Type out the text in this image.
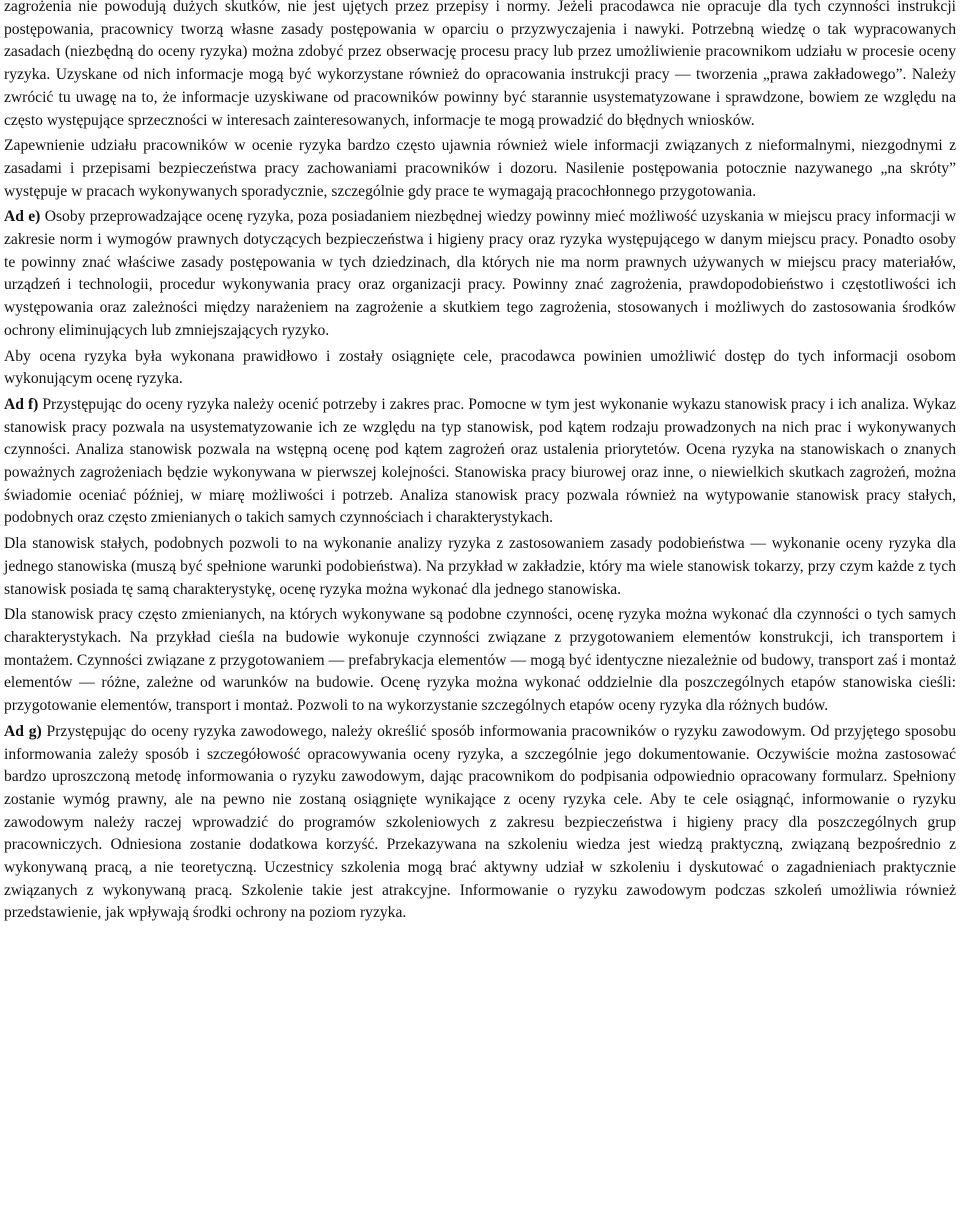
zagrożenia nie powodują dużych skutków, nie jest ujętych przez przepisy i normy. Jeżeli pracodawca nie opracuje dla tych czynności instrukcji postępowania, pracownicy tworzą własne zasady postępowania w oparciu o przyzwyczajenia i nawyki. Potrzebną wiedzę o tak wypracowanych zasadach (niezbędną do oceny ryzyka) można zdobyć przez obserwację procesu pracy lub przez umożliwienie pracownikom udziału w procesie oceny ryzyka. Uzyskane od nich informacje mogą być wykorzystane również do opracowania instrukcji pracy — tworzenia „prawa zakładowego”. Należy zwrócić tu uwagę na to, że informacje uzyskiwane od pracowników powinny być starannie usystematyzowane i sprawdzone, bowiem ze względu na często występujące sprzeczności w interesach zainteresowanych, informacje te mogą prowadzić do błędnych wniosków.

Zapewnienie udziału pracowników w ocenie ryzyka bardzo często ujawnia również wiele informacji związanych z nieformalnymi, niezgodnymi z zasadami i przepisami bezpieczeństwa pracy zachowaniami pracowników i dozoru. Nasilenie postępowania potocznie nazywanego „na skróty” występuje w pracach wykonywanych sporadycznie, szczególnie gdy prace te wymagają pracochłonnego przygotowania.

Ad e) Osoby przeprowadzające ocenę ryzyka, poza posiadaniem niezbędnej wiedzy powinny mieć możliwość uzyskania w miejscu pracy informacji w zakresie norm i wymogów prawnych dotyczących bezpieczeństwa i higieny pracy oraz ryzyka występującego w danym miejscu pracy. Ponadto osoby te powinny znać właściwe zasady postępowania w tych dziedzinach, dla których nie ma norm prawnych używanych w miejscu pracy materiałów, urządzeń i technologii, procedur wykonywania pracy oraz organizacji pracy. Powinny znać zagrożenia, prawdopodobieństwo i częstotliwości ich występowania oraz zależności między narażeniem na zagrożenie a skutkiem tego zagrożenia, stosowanych i możliwych do zastosowania środków ochrony eliminujących lub zmniejszających ryzyko.

Aby ocena ryzyka była wykonana prawidłowo i zostały osiągnięte cele, pracodawca powinien umożliwić dostęp do tych informacji osobom wykonującym ocenę ryzyka.

Ad f) Przystępując do oceny ryzyka należy ocenić potrzeby i zakres prac. Pomocne w tym jest wykonanie wykazu stanowisk pracy i ich analiza. Wykaz stanowisk pracy pozwala na usystematyzowanie ich ze względu na typ stanowisk, pod kątem rodzaju prowadzonych na nich prac i wykonywanych czynności. Analiza stanowisk pozwala na wstępną ocenę pod kątem zagrożeń oraz ustalenia priorytetów. Ocena ryzyka na stanowiskach o znanych poważnych zagrożeniach będzie wykonywana w pierwszej kolejności. Stanowiska pracy biurowej oraz inne, o niewielkich skutkach zagrożeń, można świadomie oceniać później, w miarę możliwości i potrzeb. Analiza stanowisk pracy pozwala również na wytypowanie stanowisk pracy stałych, podobnych oraz często zmienianych o takich samych czynnościach i charakterystykach.

Dla stanowisk stałych, podobnych pozwoli to na wykonanie analizy ryzyka z zastosowaniem zasady podobieństwa — wykonanie oceny ryzyka dla jednego stanowiska (muszą być spełnione warunki podobieństwa). Na przykład w zakładzie, który ma wiele stanowisk tokarzy, przy czym każde z tych stanowisk posiada tę samą charakterystykę, ocenę ryzyka można wykonać dla jednego stanowiska.

Dla stanowisk pracy często zmienianych, na których wykonywane są podobne czynności, ocenę ryzyka można wykonać dla czynności o tych samych charakterystykach. Na przykład cieśla na budowie wykonuje czynności związane z przygotowaniem elementów konstrukcji, ich transportem i montażem. Czynności związane z przygotowaniem — prefabrykacja elementów — mogą być identyczne niezależnie od budowy, transport zaś i montaż elementów — różne, zależne od warunków na budowie. Ocenę ryzyka można wykonać oddzielnie dla poszczególnych etapów stanowiska cieśli: przygotowanie elementów, transport i montaż. Pozwoli to na wykorzystanie szczególnych etapów oceny ryzyka dla różnych budów.

Ad g) Przystępując do oceny ryzyka zawodowego, należy określić sposób informowania pracowników o ryzyku zawodowym. Od przyjętego sposobu informowania zależy sposób i szczegółowość opracowywania oceny ryzyka, a szczególnie jego dokumentowanie. Oczywiście można zastosować bardzo uproszczoną metodę informowania o ryzyku zawodowym, dając pracownikom do podpisania odpowiednio opracowany formularz. Spełniony zostanie wymóg prawny, ale na pewno nie zostaną osiągnięte wynikające z oceny ryzyka cele. Aby te cele osiągnąć, informowanie o ryzyku zawodowym należy raczej wprowadzić do programów szkoleniowych z zakresu bezpieczeństwa i higieny pracy dla poszczególnych grup pracowniczych. Odniesiona zostanie dodatkowa korzyść. Przekazywana na szkoleniu wiedza jest wiedzą praktyczną, związaną bezpośrednio z wykonywaną pracą, a nie teoretyczną. Uczestnicy szkolenia mogą brać aktywny udział w szkoleniu i dyskutować o zagadnieniach praktycznie związanych z wykonywaną pracą. Szkolenie takie jest atrakcyjne. Informowanie o ryzyku zawodowym podczas szkoleń umożliwia również przedstawienie, jak wpływają środki ochrony na poziom ryzyka.
